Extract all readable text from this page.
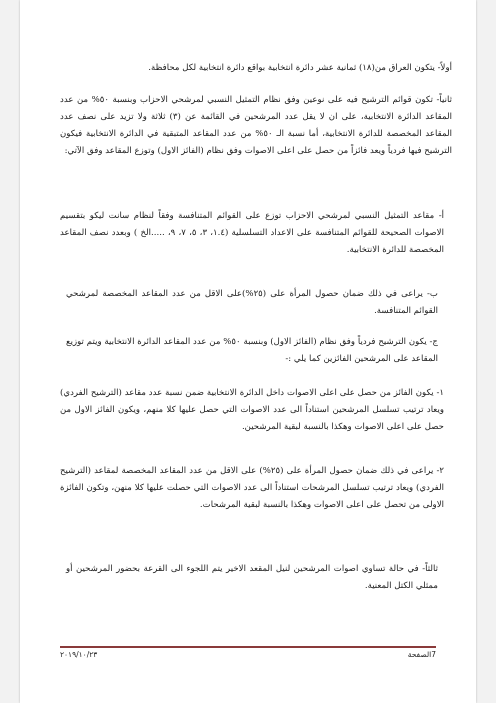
أولاً- يتكون العراق من(١٨) ثمانية عشر دائرة انتخابية بواقع دائرة انتخابية لكل محافظة.

ثانياً- تكون قوائم الترشيح فيه على نوعين وفق نظام التمثيل النسبي لمرشحي الاحزاب وبنسبة ٥٠% من عدد المقاعد الدائرة الانتخابية، على ان لا يقل عدد المرشحين في القائمة عن (٣) ثلاثة ولا تزيد على نصف عدد المقاعد المخصصة للدائرة الانتخابية، أما نسبة الـ ٥٠% من عدد المقاعد المتبقية في الدائرة الانتخابية فيكون الترشيح فيها فردياً ويعد فائزاً من حصل على اعلى الاصوات وفق نظام (الفائز الاول) وتوزع المقاعد وفق الآتي:

أ- مقاعد التمثيل النسبي لمرشحي الاحزاب توزع على القوائم المتنافسة وفقاً لنظام سانت ليكو بتقسيم الاصوات الصحيحة للقوائم المتنافسة على الاعداد التسلسلية (١.٤، ٣، ٥، ٧، ٩، .....الخ ) وبعدد نصف المقاعد المخصصة للدائرة الانتخابية.

ب- يراعى في ذلك ضمان حصول المرأة على (٢٥%)على الاقل من عدد المقاعد المخصصة لمرشحي القوائم المتنافسة.

ج- يكون الترشيح فردياً وفق نظام (الفائز الاول) وبنسبة ٥٠% من عدد المقاعد الدائرة الانتخابية ويتم توزيع المقاعد على المرشحين الفائزين كما يلي :-

١- يكون الفائز من حصل على اعلى الاصوات داخل الدائرة الانتخابية ضمن نسبة عدد مقاعد (الترشيح الفردي) ويعاد ترتيب تسلسل المرشحين استناداً الى عدد الاصوات التي حصل عليها كلا منهم، ويكون الفائز الاول من حصل على اعلى الاصوات وهكذا بالنسبة لبقية المرشحين.

٢- يراعى في ذلك ضمان حصول المرأة على (٢٥%) على الاقل من عدد المقاعد المخصصة لمقاعد (الترشيح الفردي) ويعاد ترتيب تسلسل المرشحات استناداً الى عدد الاصوات التي حصلت عليها كلا منهن، وتكون الفائزة الاولى من تحصل على اعلى الاصوات وهكذا بالنسبة لبقية المرشحات.

ثالثاً- في حالة تساوي اصوات المرشحين لنيل المقعد الاخير يتم اللجوء الى القرعة بحضور المرشحين أو ممثلي الكتل المعنية.

7الصفحة
٢٠١٩/١٠/٢٣
